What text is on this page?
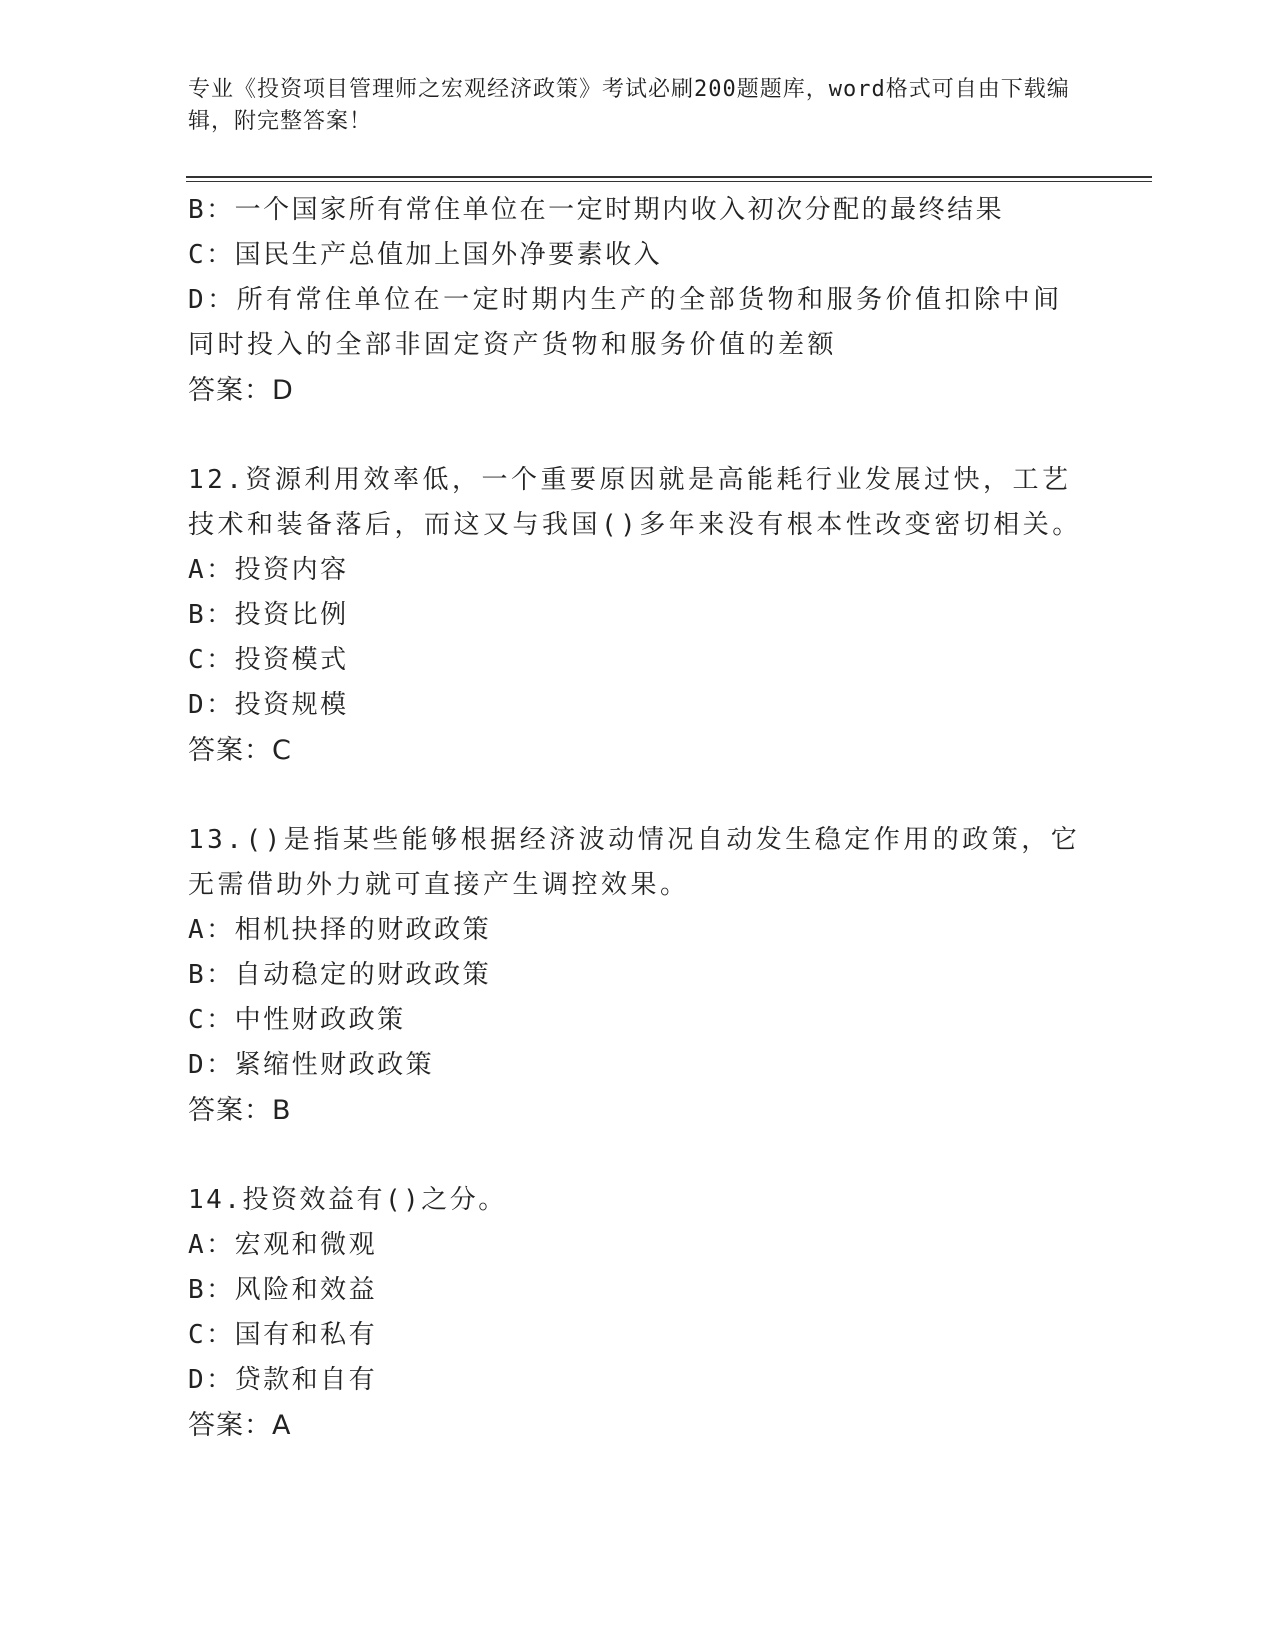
专业《投资项目管理师之宏观经济政策》考试必刷200题题库，word格式可自由下载编辑，附完整答案！
B：一个国家所有常住单位在一定时期内收入初次分配的最终结果
C：国民生产总值加上国外净要素收入
D：所有常住单位在一定时期内生产的全部货物和服务价值扣除中间同时投入的全部非固定资产货物和服务价值的差额
答案：D
12.资源利用效率低，一个重要原因就是高能耗行业发展过快，工艺技术和装备落后，而这又与我国()多年来没有根本性改变密切相关。
A：投资内容
B：投资比例
C：投资模式
D：投资规模
答案：C
13.()是指某些能够根据经济波动情况自动发生稳定作用的政策，它无需借助外力就可直接产生调控效果。
A：相机抉择的财政政策
B：自动稳定的财政政策
C：中性财政政策
D：紧缩性财政政策
答案：B
14.投资效益有()之分。
A：宏观和微观
B：风险和效益
C：国有和私有
D：贷款和自有
答案：A
